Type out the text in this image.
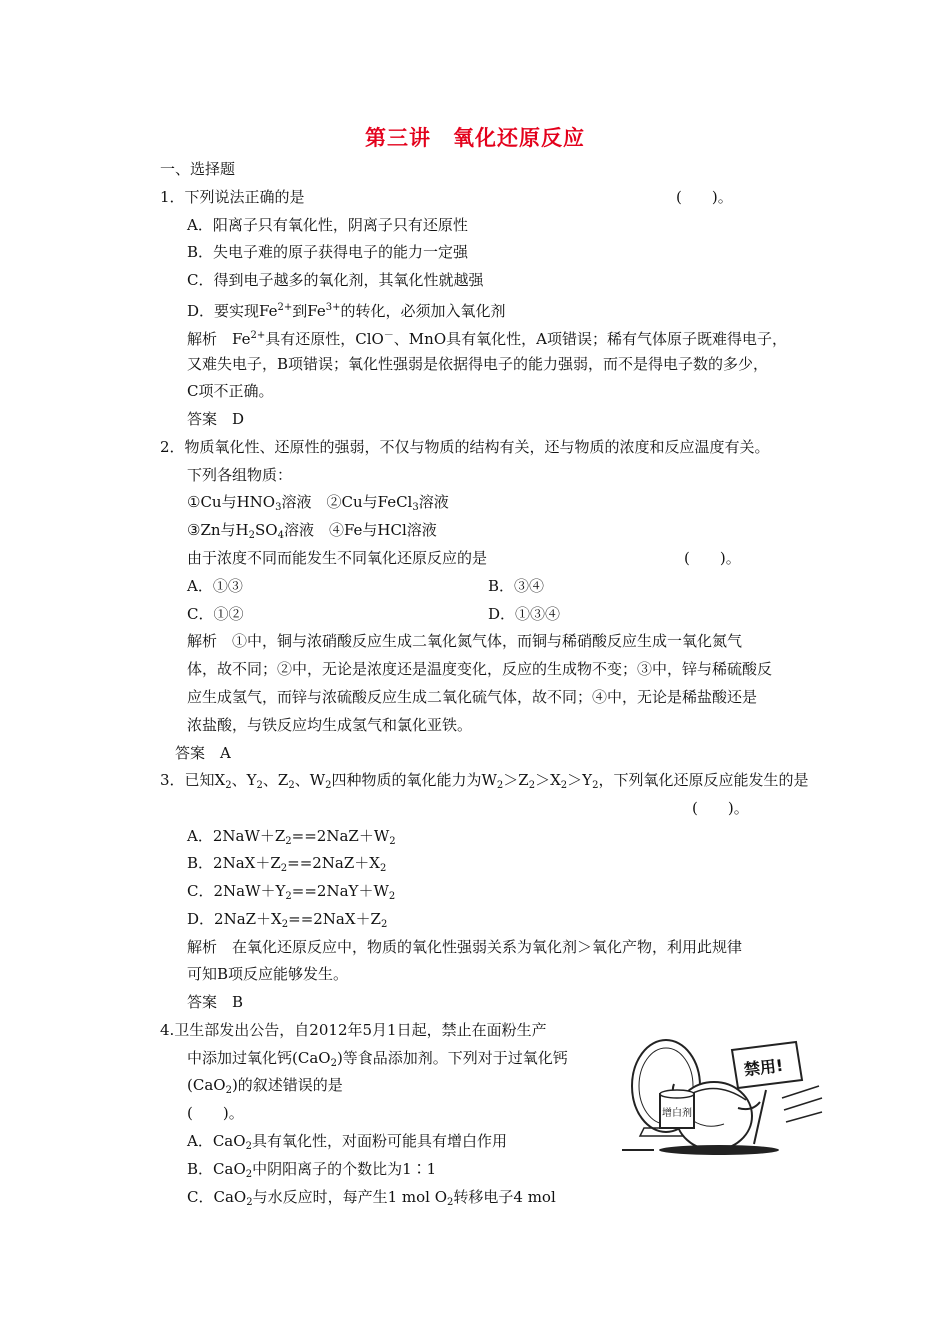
第三讲　氧化还原反应
一、选择题
1．下列说法正确的是	(　　)。
A．阳离子只有氧化性，阴离子只有还原性
B．失电子难的原子获得电子的能力一定强
C．得到电子越多的氧化剂，其氧化性就越强
D．要实现$Fe^{2+}$到$Fe^{3+}$的转化，必须加入氧化剂
解析　$Fe^{2+}$具有还原性，ClO－、MnO具有氧化性，A项错误；稀有气体原子既难得电子，
又难失电子，B项错误；氧化性强弱是依据得电子的能力强弱，而不是得电子数的多少，
C项不正确。
答案　D
2．物质氧化性、还原性的强弱，不仅与物质的结构有关，还与物质的浓度和反应温度有关。
下列各组物质：
①Cu与$HNO_3$溶液　②Cu与FeCl$_3$溶液
③Zn与$H_2SO_4$溶液　④Fe与HCl溶液
由于浓度不同而能发生不同氧化还原反应的是	(　　)。
A．①③	B．③④
C．①②	D．①③④
解析　①中，铜与浓硝酸反应生成二氧化氮气体，而铜与稀硝酸反应生成一氧化氮气
体，故不同；②中，无论是浓度还是温度变化，反应的生成物不变；③中，锌与稀硫酸反
应生成氢气，而锌与浓硫酸反应生成二氧化硫气体，故不同；④中，无论是稀盐酸还是
浓盐酸，与铁反应均生成氢气和氯化亚铁。
答案　A
3．已知$X_2$、$Y_2$、$Z_2$、$W_2$四种物质的氧化能力为$W_2>Z_2>X_2>Y_2$，下列氧化还原反应能发生的是
(　　)。
A．$2NaW+Z_2==2NaZ+W_2$
B．$2NaX+Z_2==2NaZ+X_2$
C．$2NaW+Y_2==2NaY+W_2$
D．$2NaZ+X_2==2NaX+Z_2$
解析　在氧化还原反应中，物质的氧化性强弱关系为氧化剂＞氧化产物，利用此规律
可知B项反应能够发生。
答案　B
4.卫生部发出公告，自2012年5月1日起，禁止在面粉生产
中添加过氧化钙(CaO$_2$)等食品添加剂。下列对于过氧化钙
(CaO$_2$)的叙述错误的是
(　　)。
A．CaO$_2$具有氧化性，对面粉可能具有增白作用
B．CaO$_2$中阴阳离子的个数比为1∶1
C．CaO$_2$与水反应时，每产生1 mol $O_2$转移电子4 mol
禁用!
增白剂
